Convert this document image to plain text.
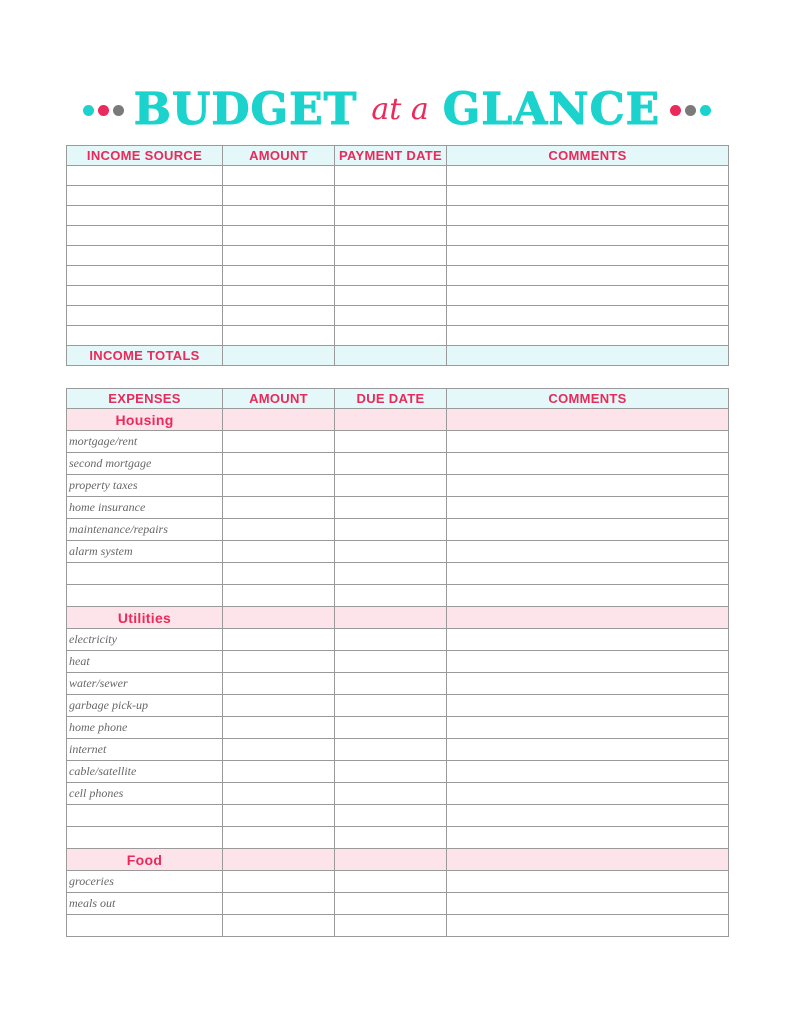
BUDGET at a GLANCE
INCOME SOURCE	AMOUNT	PAYMENT DATE	COMMENTS

INCOME TOTALS			
EXPENSES	AMOUNT	DUE DATE	COMMENTS
Housing			
mortgage/rent			
second mortgage			
property taxes			
home insurance			
maintenance/repairs			
alarm system			

Utilities			
electricity			
heat			
water/sewer			
garbage pick-up			
home phone			
internet			
cable/satellite			
cell phones			

Food			
groceries			
meals out			
